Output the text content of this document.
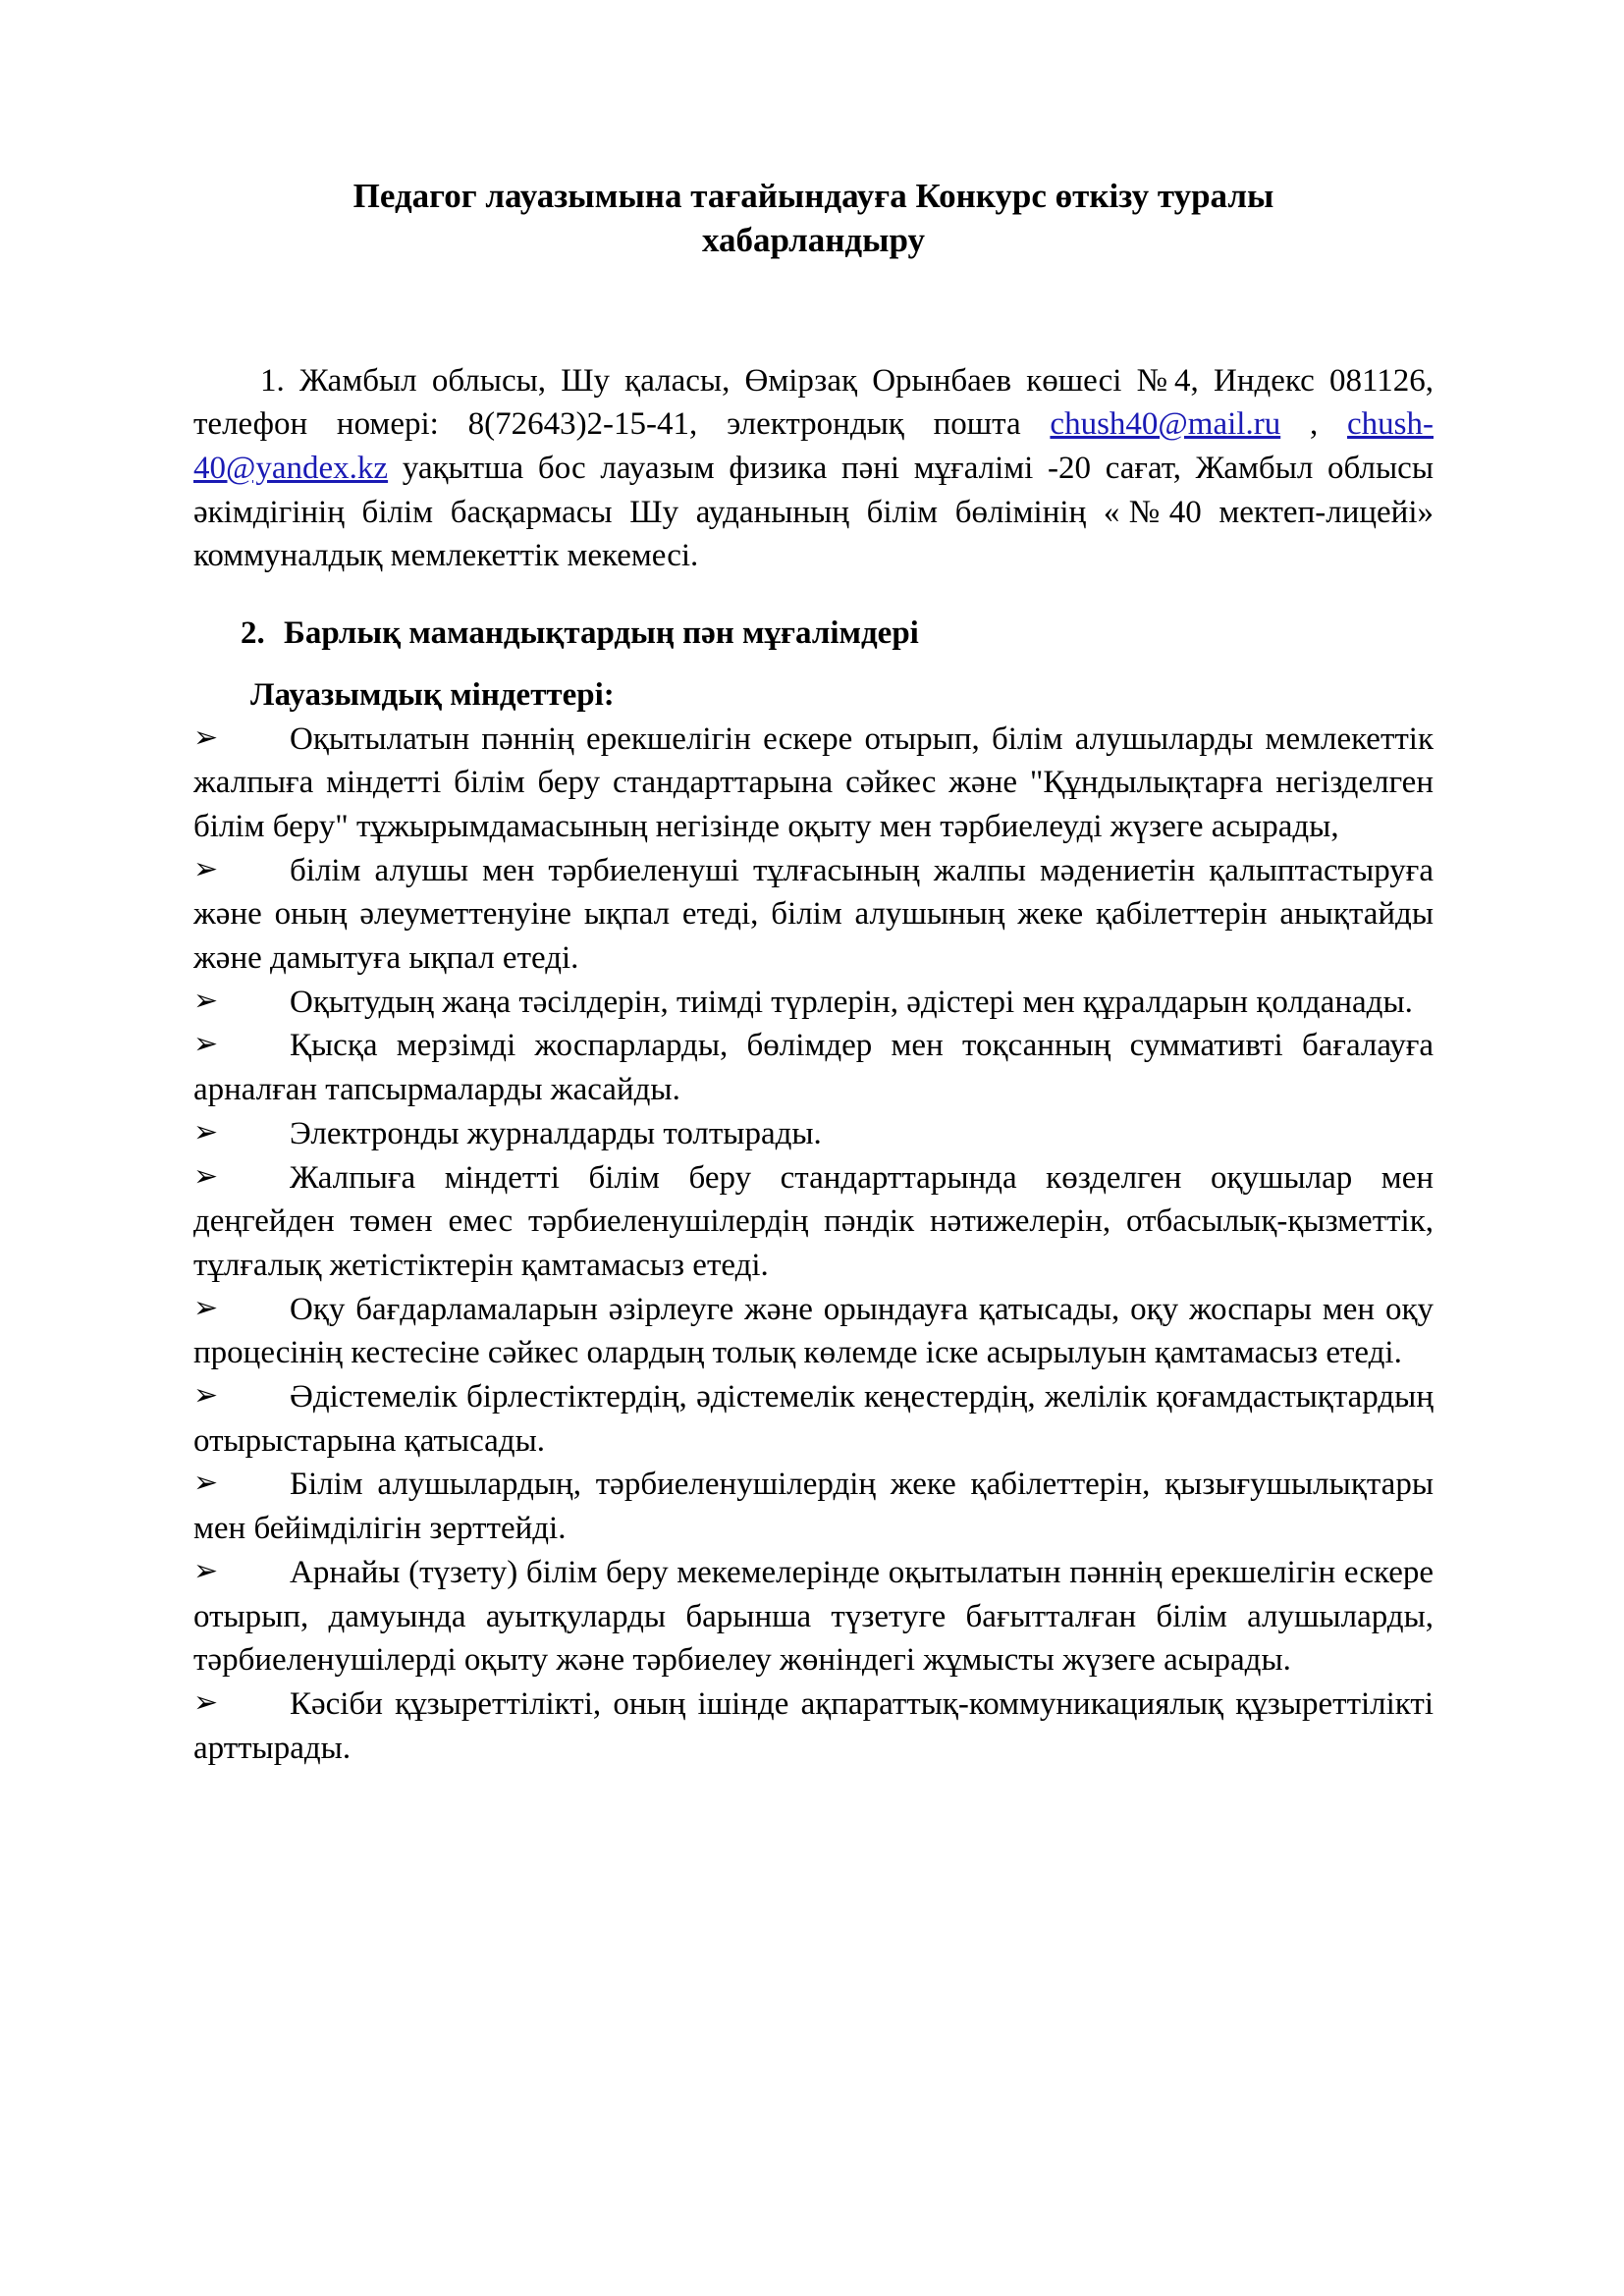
Педагог лауазымына тағайындауға Конкурс өткізу туралы хабарландыру

1. Жамбыл облысы, Шу қаласы, Өмірзақ Орынбаев көшесі №4, Индекс 081126, телефон номері: 8(72643)2-15-41, электрондық пошта chush40@mail.ru , chush-40@yandex.kz уақытша бос лауазым физика пәні мұғалімі -20 сағат, Жамбыл облысы әкімдігінің білім басқармасы Шу ауданының білім бөлімінің «№40 мектеп-лицейі» коммуналдық мемлекеттік мекемесі.

2. Барлық мамандықтардың пән мұғалімдері
Лауазымдық міндеттері:
➢ Оқытылатын пәннің ерекшелігін ескере отырып, білім алушыларды мемлекеттік жалпыға міндетті білім беру стандарттарына сәйкес және "Құндылықтарға негізделген білім беру" тұжырымдамасының негізінде оқыту мен тәрбиелеуді жүзеге асырады,
➢ білім алушы мен тәрбиеленуші тұлғасының жалпы мәдениетін қалыптастыруға және оның әлеуметтенуіне ықпал етеді, білім алушының жеке қабілеттерін анықтайды және дамытуға ықпал етеді.
➢ Оқытудың жаңа тәсілдерін, тиімді түрлерін, әдістері мен құралдарын қолданады.
➢ Қысқа мерзімді жоспарларды, бөлімдер мен тоқсанның суммативті бағалауға арналған тапсырмаларды жасайды.
➢ Электронды журналдарды толтырады.
➢ Жалпыға міндетті білім беру стандарттарында көзделген оқушылар мен деңгейден төмен емес тәрбиеленушілердің пәндік нәтижелерін, отбасылық-қызметтік, тұлғалық жетістіктерін қамтамасыз етеді.
➢ Оқу бағдарламаларын әзірлеуге және орындауға қатысады, оқу жоспары мен оқу процесінің кестесіне сәйкес олардың толық көлемде іске асырылуын қамтамасыз етеді.
➢ Әдістемелік бірлестіктердің, әдістемелік кеңестердің, желілік қоғамдастықтардың отырыстарына қатысады.
➢ Білім алушылардың, тәрбиеленушілердің жеке қабілеттерін, қызығушылықтары мен бейімділігін зерттейді.
➢ Арнайы (түзету) білім беру мекемелерінде оқытылатын пәннің ерекшелігін ескере отырып, дамуында ауытқуларды барынша түзетуге бағытталған білім алушыларды, тәрбиеленушілерді оқыту және тәрбиелеу жөніндегі жұмысты жүзеге асырады.
➢ Кәсіби құзыреттілікті, оның ішінде ақпараттық-коммуникациялық құзыреттілікті арттырады.
